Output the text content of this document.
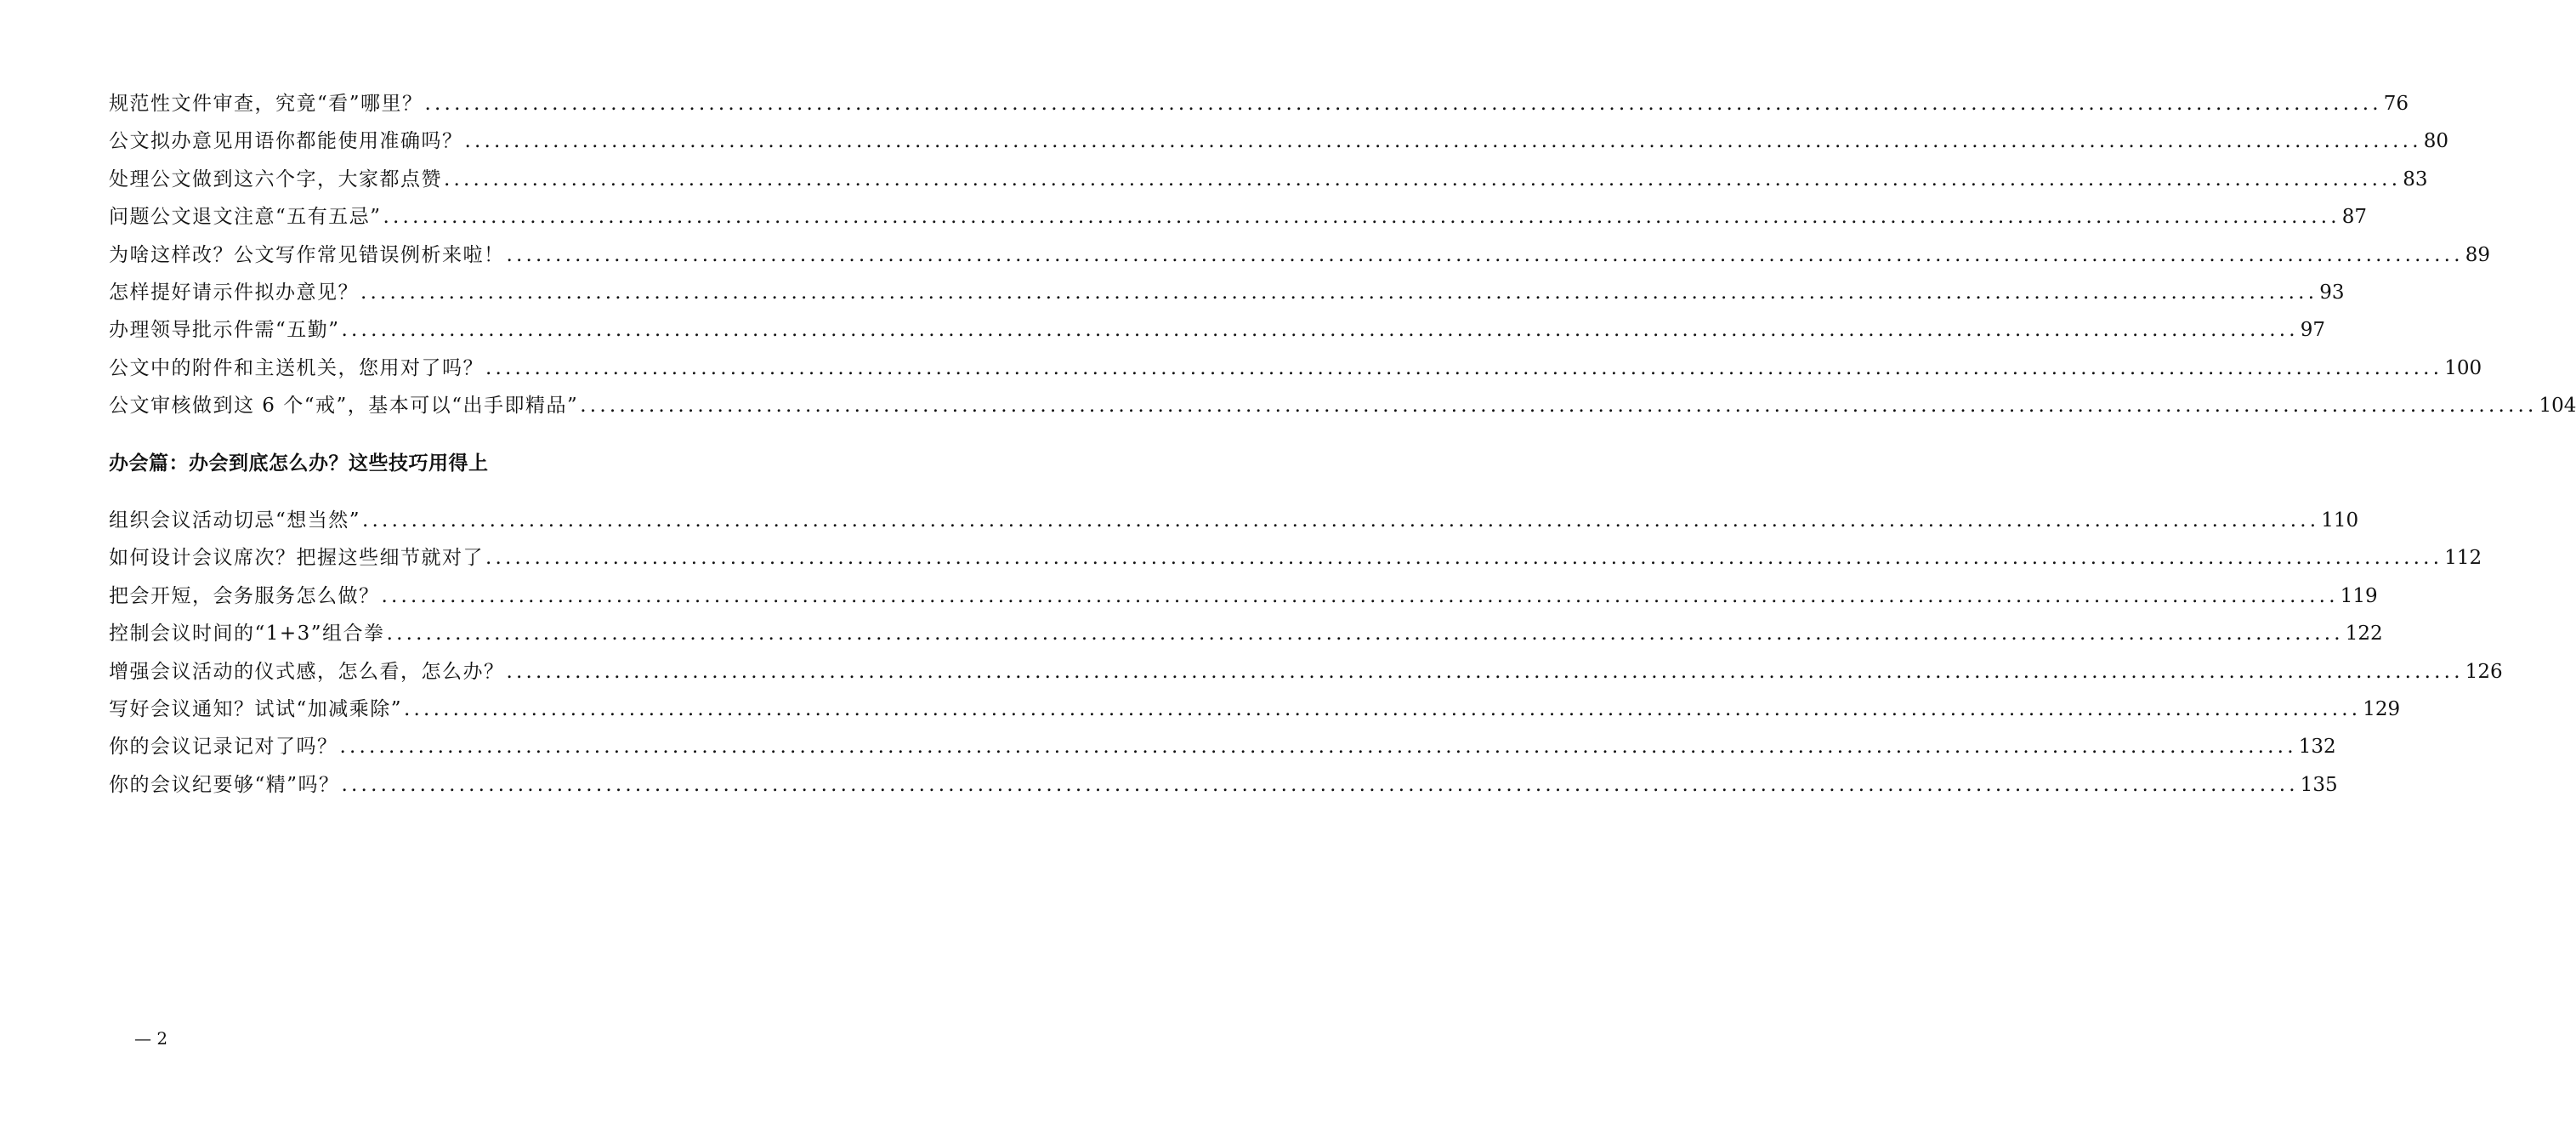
规范性文件审查，究竟“看”哪里？ ........................................................................................................................................................................................................ 76
公文拟办意见用语你都能使用准确吗？ ........................................................................................................................................................................................................ 80
处理公文做到这六个字，大家都点赞 ........................................................................................................................................................................................................ 83
问题公文退文注意“五有五忌” ........................................................................................................................................................................................................ 87
为啥这样改？公文写作常见错误例析来啦！ ........................................................................................................................................................................................................ 89
怎样提好请示件拟办意见？ ........................................................................................................................................................................................................ 93
办理领导批示件需“五勤” ........................................................................................................................................................................................................ 97
公文中的附件和主送机关，您用对了吗？ ........................................................................................................................................................................................................ 100
公文审核做到这 6 个“戒”，基本可以“出手即精品” ........................................................................................................................................................................................................ 104
办会篇：办会到底怎么办？这些技巧用得上
组织会议活动切忌“想当然” ........................................................................................................................................................................................................ 110
如何设计会议席次？把握这些细节就对了 ........................................................................................................................................................................................................ 112
把会开短，会务服务怎么做？ ........................................................................................................................................................................................................ 119
控制会议时间的“1+3”组合拳 ........................................................................................................................................................................................................ 122
增强会议活动的仪式感，怎么看，怎么办？ ........................................................................................................................................................................................................ 126
写好会议通知？试试“加减乘除” ........................................................................................................................................................................................................ 129
你的会议记录记对了吗？ ........................................................................................................................................................................................................ 132
你的会议纪要够“精”吗？ ........................................................................................................................................................................................................ 135
— 2
